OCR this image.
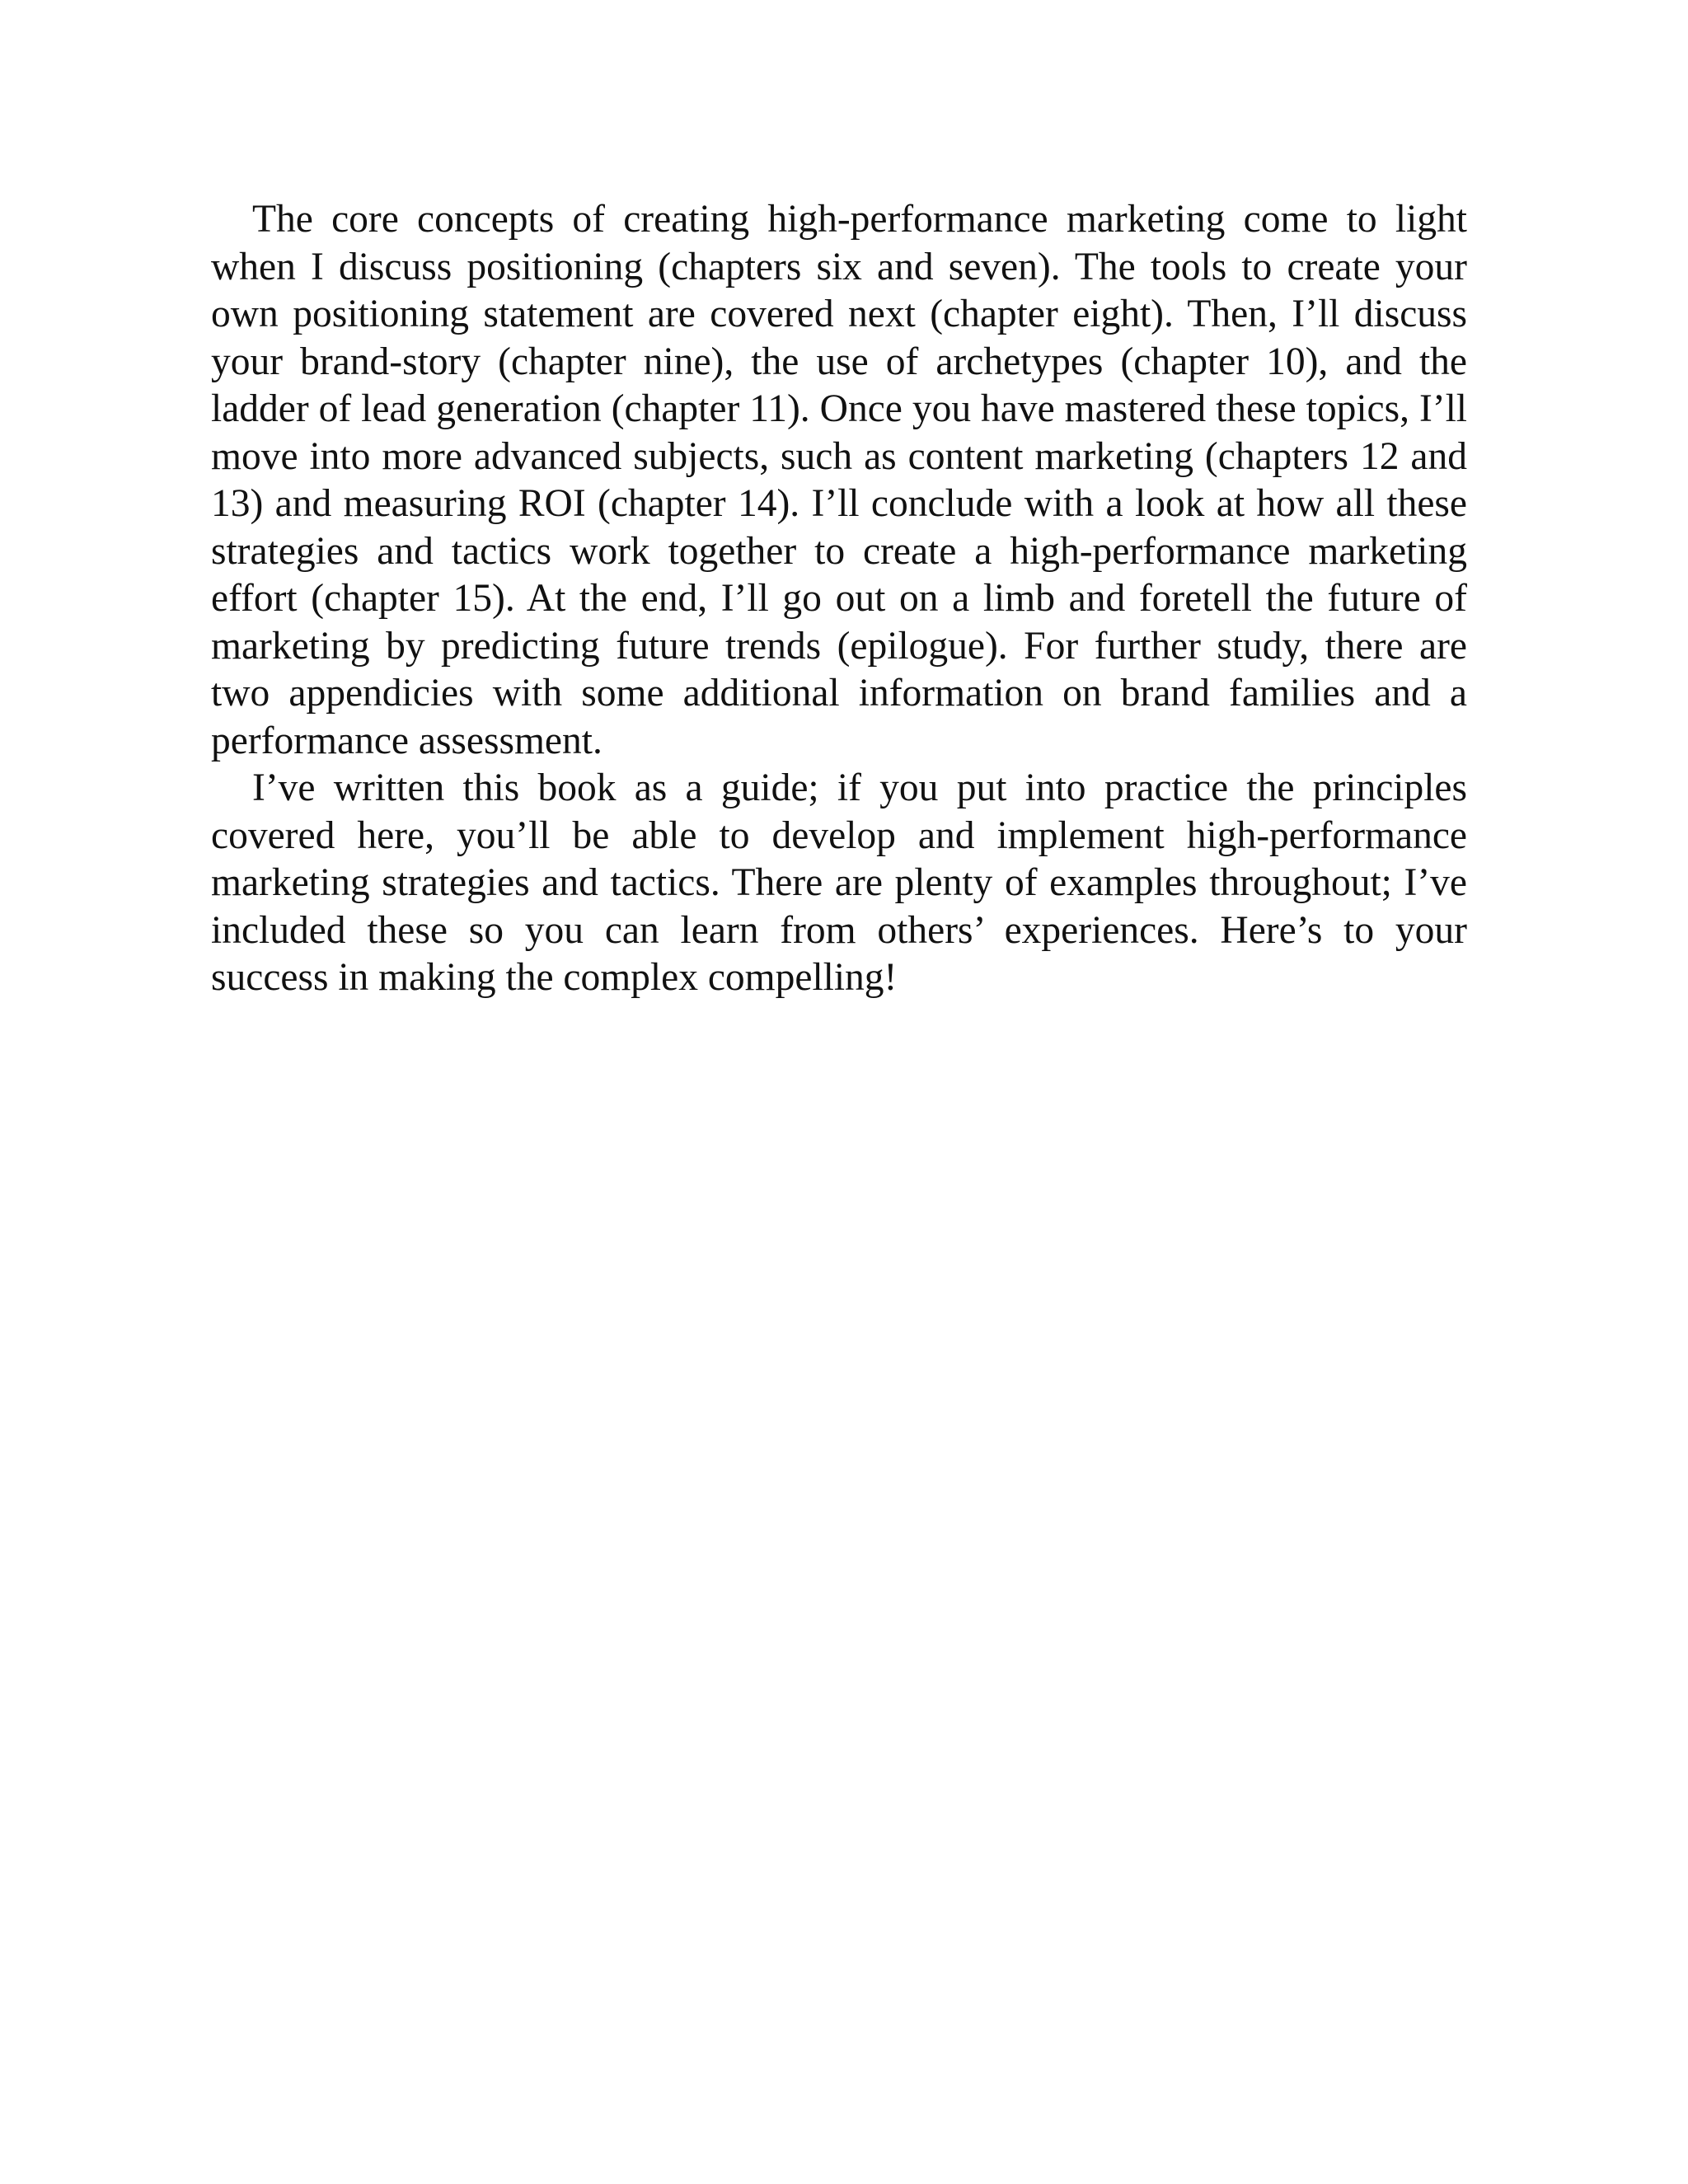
The core concepts of creating high-performance marketing come to light when I discuss positioning (chapters six and seven). The tools to create your own positioning statement are covered next (chapter eight). Then, I’ll discuss your brand-story (chapter nine), the use of archetypes (chapter 10), and the ladder of lead generation (chapter 11). Once you have mastered these topics, I’ll move into more advanced subjects, such as content marketing (chapters 12 and 13) and measuring ROI (chapter 14). I’ll conclude with a look at how all these strategies and tactics work together to create a high-performance marketing effort (chapter 15). At the end, I’ll go out on a limb and foretell the future of marketing by predicting future trends (epilogue). For further study, there are two appendicies with some additional information on brand families and a performance assessment.

I’ve written this book as a guide; if you put into practice the principles covered here, you’ll be able to develop and implement high-performance marketing strategies and tactics. There are plenty of examples throughout; I’ve included these so you can learn from others’ experiences. Here’s to your success in making the complex compelling!
